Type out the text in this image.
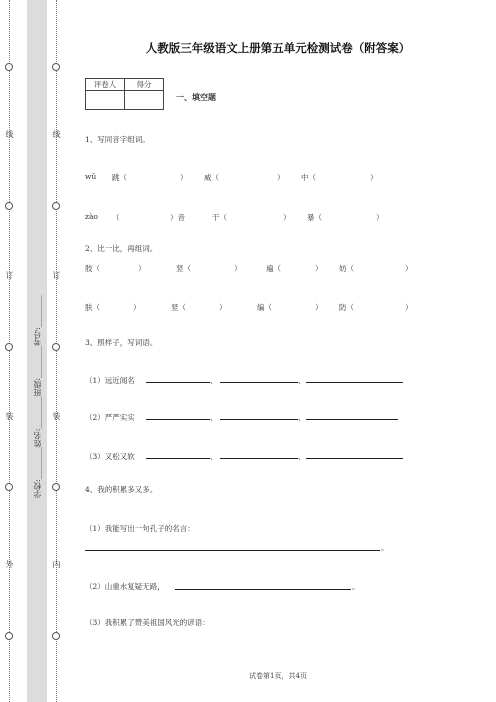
外
装
订
线
学校:________姓名:________班级:________考号:________
内
装
订
线
人教版三年级语文上册第五单元检测试卷（附答案）
评卷人	得分

一、填空题
1、写同音字组词。
wǔ 跳（	） 威（	） 中（	）
zào （	）音	干（	） 暴（	）
2、比一比，再组词。
肢（	）	竖（	）	遍（	） 妨（	）
肤（	）	竖（	）	编（	） 防（	）
3、照样子，写词语。
（1）远近闻名	、	、
（2）严严实实	、	、
（3）又松又软	、	、
4、我的积累多又多。
（1）我能写出一句孔子的名言：
。
（2）山重水复疑无路，	。
（3）我积累了赞美祖国风光的谚语：
试卷第1页，共4页
